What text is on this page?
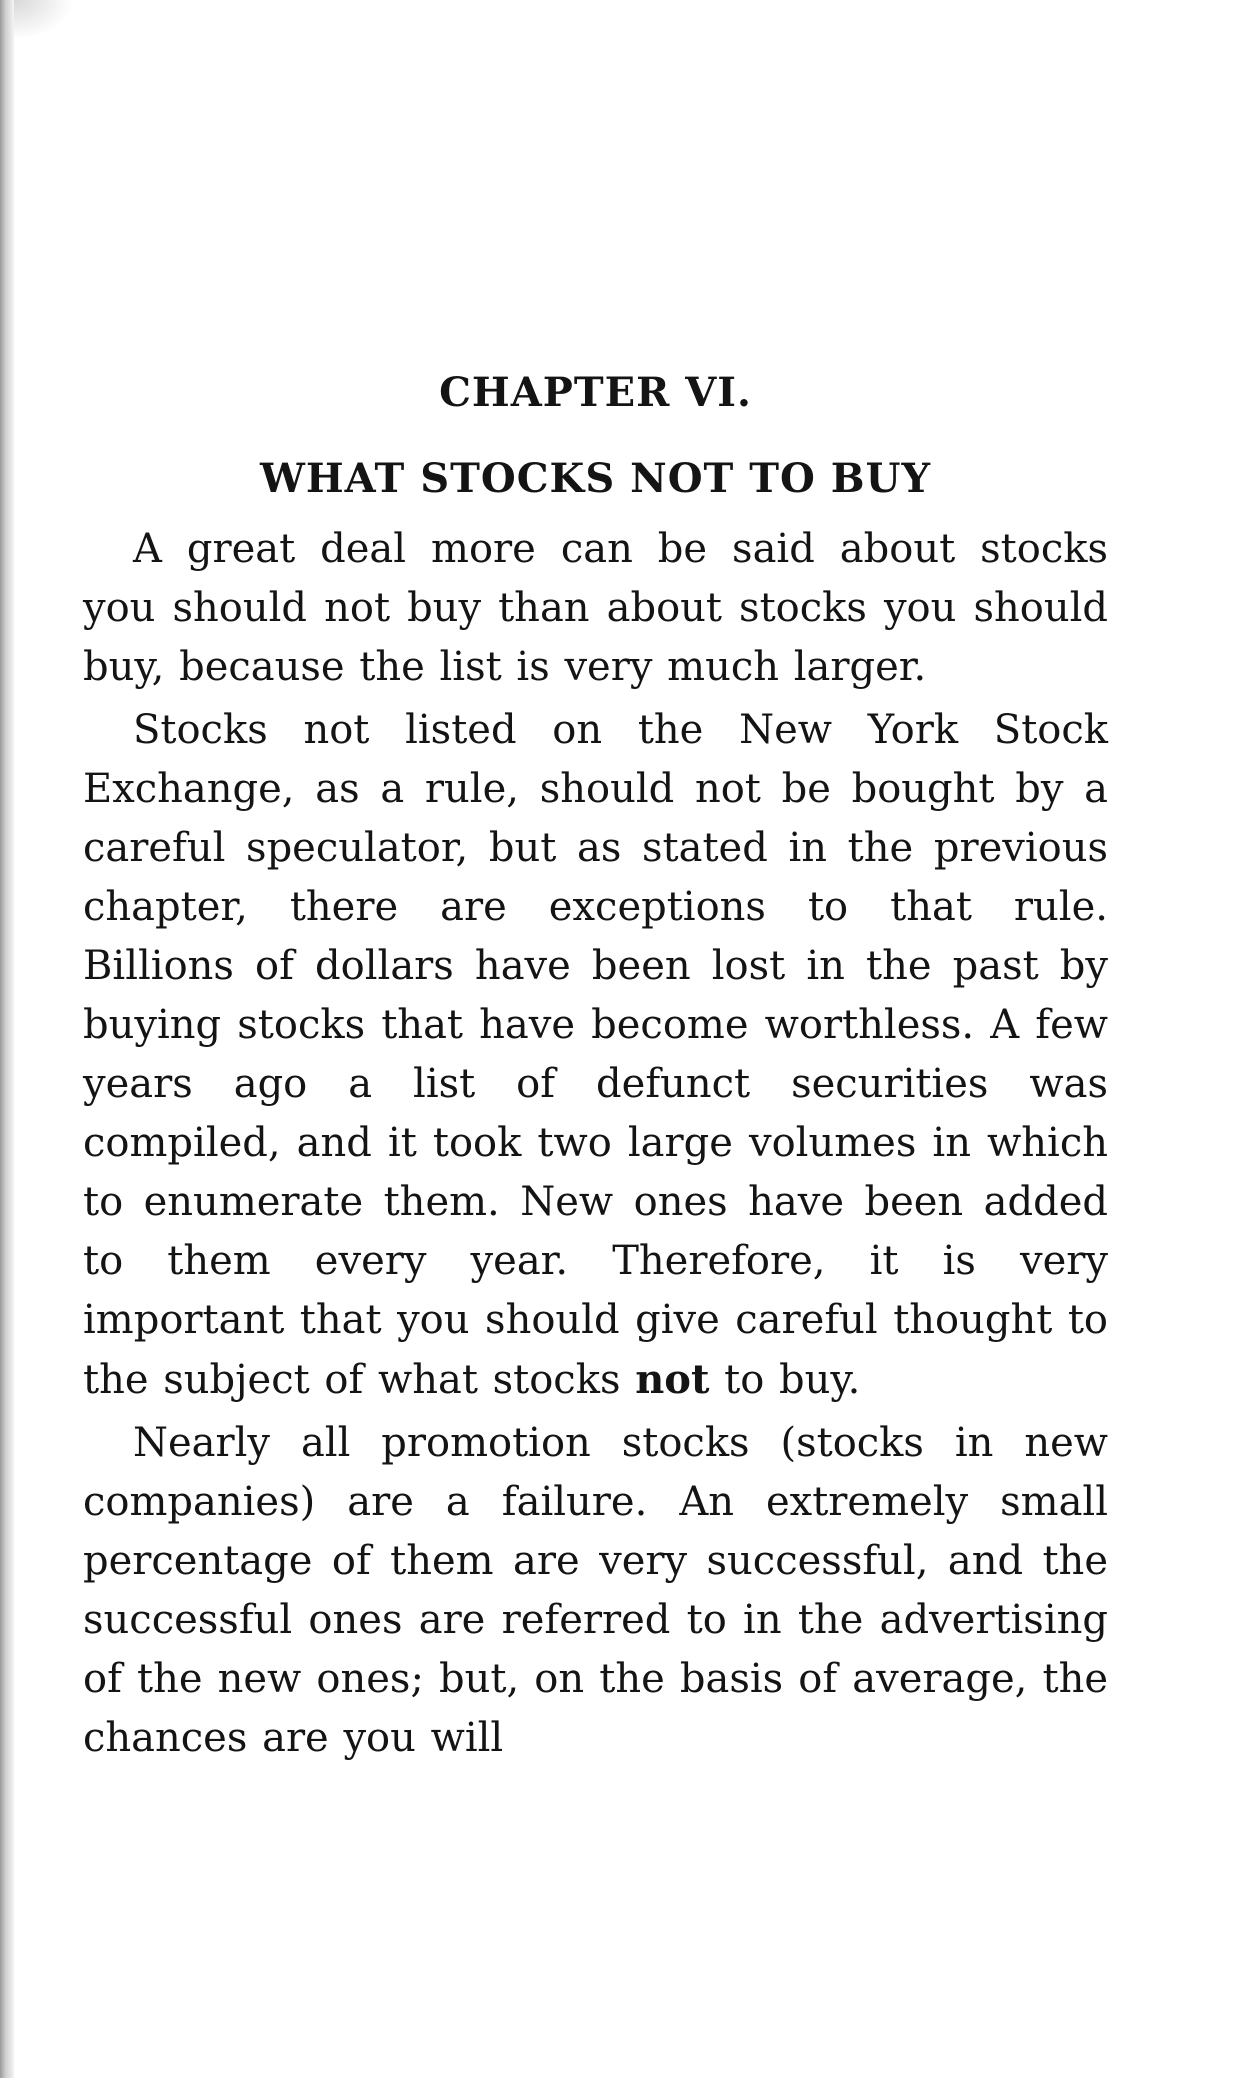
CHAPTER VI.
WHAT STOCKS NOT TO BUY

A great deal more can be said about stocks you should not buy than about stocks you should buy, because the list is very much larger.

Stocks not listed on the New York Stock Exchange, as a rule, should not be bought by a careful speculator, but as stated in the previous chapter, there are exceptions to that rule. Billions of dollars have been lost in the past by buying stocks that have become worthless. A few years ago a list of defunct securities was compiled, and it took two large volumes in which to enumerate them. New ones have been added to them every year. Therefore, it is very important that you should give careful thought to the subject of what stocks not to buy.

Nearly all promotion stocks (stocks in new companies) are a failure. An extremely small percentage of them are very successful, and the successful ones are referred to in the advertising of the new ones; but, on the basis of average, the chances are you will
